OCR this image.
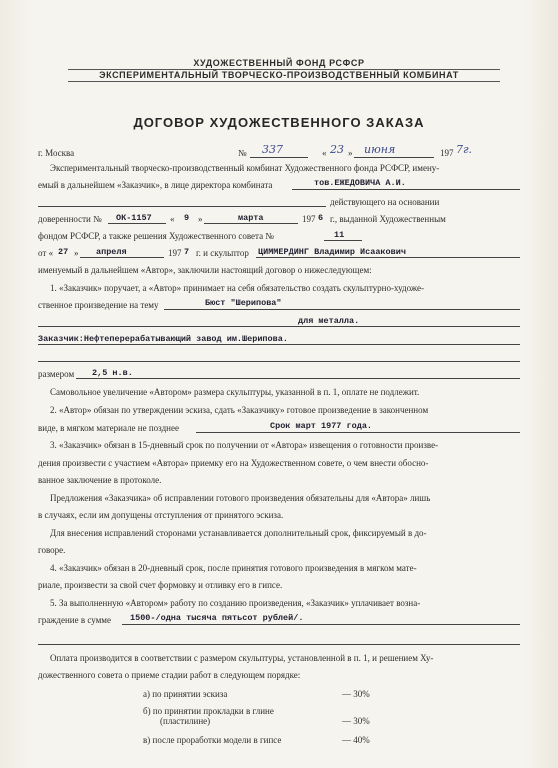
ХУДОЖЕСТВЕННЫЙ ФОНД РСФСР
ЭКСПЕРИМЕНТАЛЬНЫЙ ТВОРЧЕСКО-ПРОИЗВОДСТВЕННЫЙ КОМБИНАТ
ДОГОВОР ХУДОЖЕСТВЕННОГО ЗАКАЗА
г. Москва	№ 337	« 23 » июня	197 7г.
Экспериментальный творческо-производственный комбинат Художественного фонда РСФСР, имену-
емый в дальнейшем «Заказчик», в лице директора комбината	тов.ЕЖЕДОВИЧА А.И.
действующего на основании
доверенности № ОК-1157 « 9 »	марта	197 6 г., выданной Художественным
фондом РСФСР, а также решения Художественного совета №	11
от « 27 » апреля	197 7 г. и скульптор ЦИММЕРДИНГ Владимир Исаакович
именуемый в дальнейшем «Автор», заключили настоящий договор о нижеследующем:
1. «Заказчик» поручает, а «Автор» принимает на себя обязательство создать скульптурно-художе-
ственное произведение на тему	Бюст "Шерипова"
для металла.
Заказчик:Нефтеперерабатывающий завод им.Шерипова.
размером 2,5 н.в.
Самовольное увеличение «Автором» размера скульптуры, указанной в п. 1, оплате не подлежит.
2. «Автор» обязан по утверждении эскиза, сдать «Заказчику» готовое произведение в законченном
виде, в мягком материале не позднее	Срок март 1977 года.
3. «Заказчик» обязан в 15-дневный срок по получении от «Автора» извещения о готовности произве-
дения произвести с участием «Автора» приемку его на Художественном совете, о чем внести обосно-
ванное заключение в протоколе.
Предложения «Заказчика» об исправлении готового произведения обязательны для «Автора» лишь
в случаях, если им допущены отступления от принятого эскиза.
Для внесения исправлений сторонами устанавливается дополнительный срок, фиксируемый в до-
говоре.
4. «Заказчик» обязан в 20-дневный срок, после принятия готового произведения в мягком матe-
риале, произвести за свой счет формовку и отливку его в гипсе.
5. За выполненную «Автором» работу по созданию произведения, «Заказчик» уплачивает возна-
граждение в сумме 1500-/одна тысяча пятьсот рублей/.
Оплата производится в соответствии с размером скульптуры, установленной в п. 1, и решением Ху-
дожественного совета о приеме стадии работ в следующем порядке:
а) по принятии эскиза	— 30%
б) по принятии прокладки в глине
(пластилине)	— 30%
в) после проработки модели в гипсе	— 40%
